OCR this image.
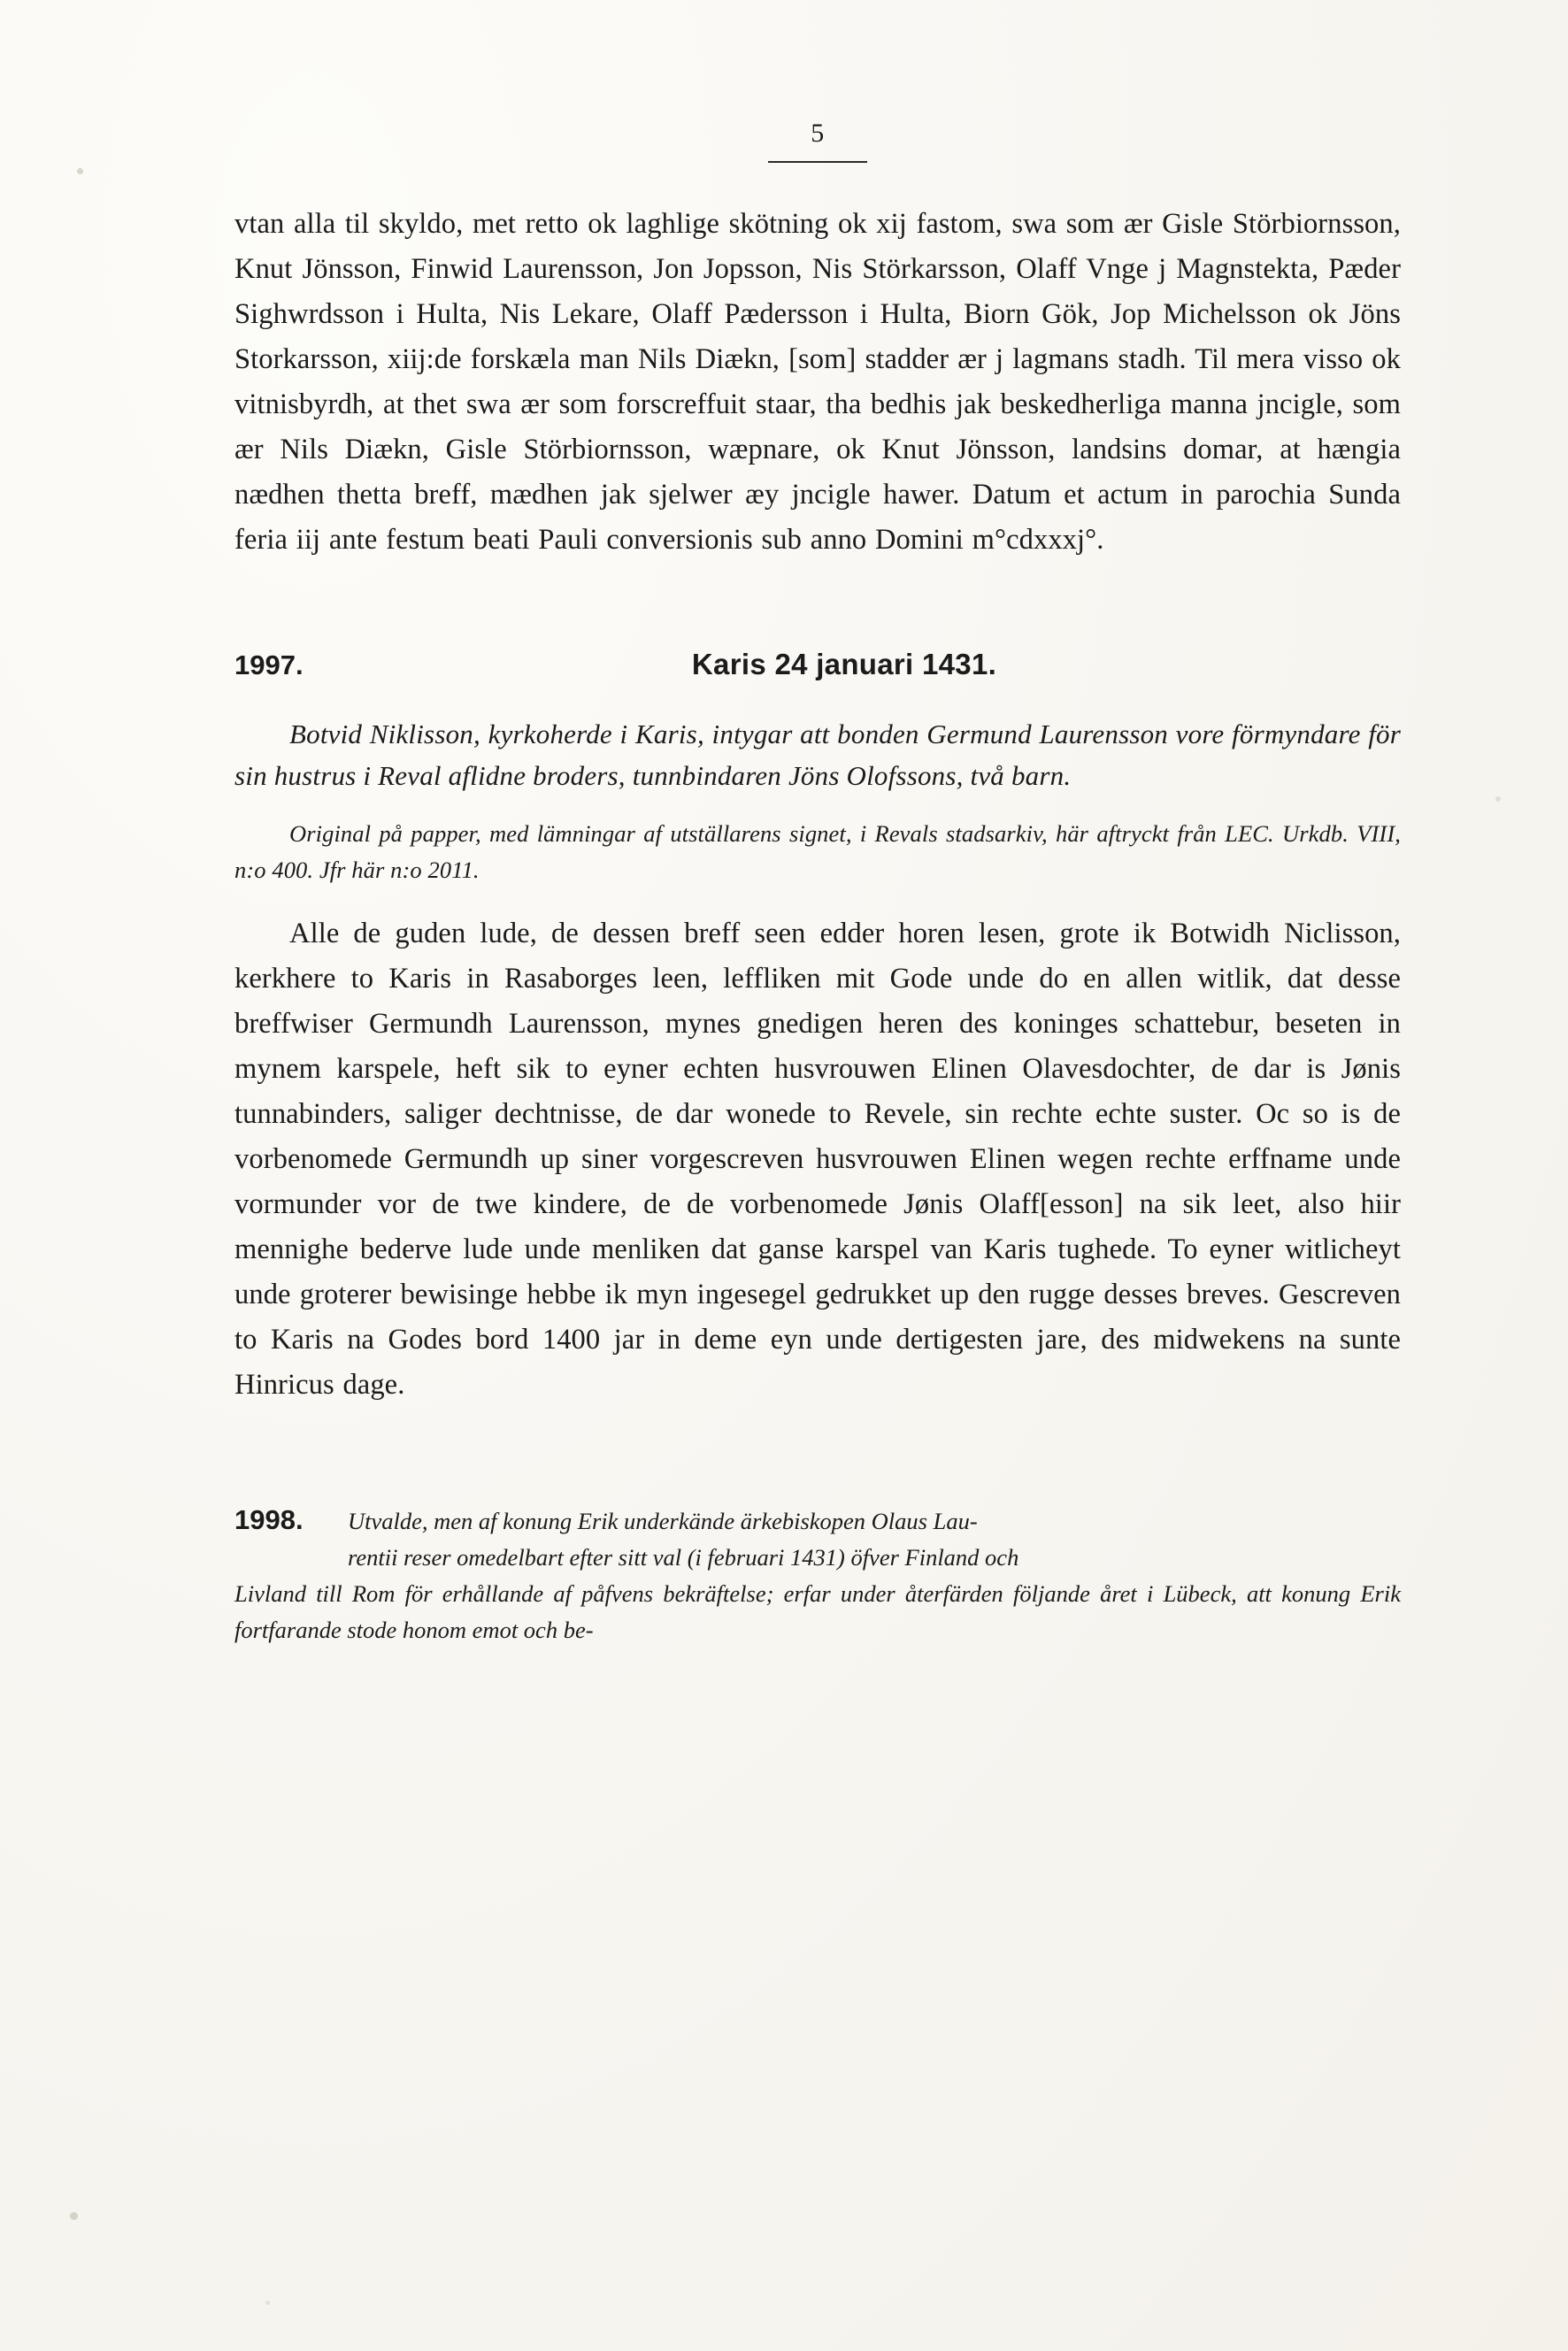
5

vtan alla til skyldo, met retto ok laghlige skötning ok xij fastom, swa som ær Gisle Störbiornsson, Knut Jönsson, Finwid Laurensson, Jon Jopsson, Nis Störkarsson, Olaff Vnge j Magnstekta, Pæder Sighwrdsson i Hulta, Nis Lekare, Olaff Pædersson i Hulta, Biorn Gök, Jop Michelsson ok Jöns Storkarsson, xiij:de forskæla man Nils Diækn, [som] stadder ær j lagmans stadh. Til mera visso ok vitnisbyrdh, at thet swa ær som forscreffuit staar, tha bedhis jak beskedherliga manna jncigle, som ær Nils Diækn, Gisle Störbiornsson, wæpnare, ok Knut Jönsson, landsins domar, at hængia nædhen thetta breff, mædhen jak sjelwer æy jncigle hawer. Datum et actum in parochia Sunda feria iij ante festum beati Pauli conversionis sub anno Domini m°cdxxxj°.

1997.	Karis 24 januari 1431.

Botvid Niklisson, kyrkoherde i Karis, intygar att bonden Germund Laurensson vore förmyndare för sin hustrus i Reval aflidne broders, tunnbindaren Jöns Olofssons, två barn.

Original på papper, med lämningar af utställarens signet, i Revals stadsarkiv, här aftryckt från LEC. Urkdb. VIII, n:o 400. Jfr här n:o 2011.

Alle de guden lude, de dessen breff seen edder horen lesen, grote ik Botwidh Niclisson, kerkhere to Karis in Rasaborges leen, leffliken mit Gode unde do en allen witlik, dat desse breffwiser Germundh Laurensson, mynes gnedigen heren des koninges schattebur, beseten in mynem karspele, heft sik to eyner echten husvrouwen Elinen Olavesdochter, de dar is Jønis tunnabinders, saliger dechtnisse, de dar wonede to Revele, sin rechte echte suster. Oc so is de vorbenomede Germundh up siner vorgescreven husvrouwen Elinen wegen rechte erffname unde vormunder vor de twe kindere, de de vorbenomede Jønis Olaff[esson] na sik leet, also hiir mennighe bederve lude unde menliken dat ganse karspel van Karis tughede. To eyner witlicheyt unde groterer bewisinge hebbe ik myn ingesegel gedrukket up den rugge desses breves. Gescreven to Karis na Godes bord 1400 jar in deme eyn unde dertigesten jare, des midwekens na sunte Hinricus dage.

1998.	Utvalde, men af konung Erik underkände ärkebiskopen Olaus Lau-

rentii reser omedelbart efter sitt val (i februari 1431) öfver Finland och

Livland till Rom för erhållande af påfvens bekräftelse; erfar under återfärden följande året i Lübeck, att konung Erik fortfarande stode honom emot och be-
